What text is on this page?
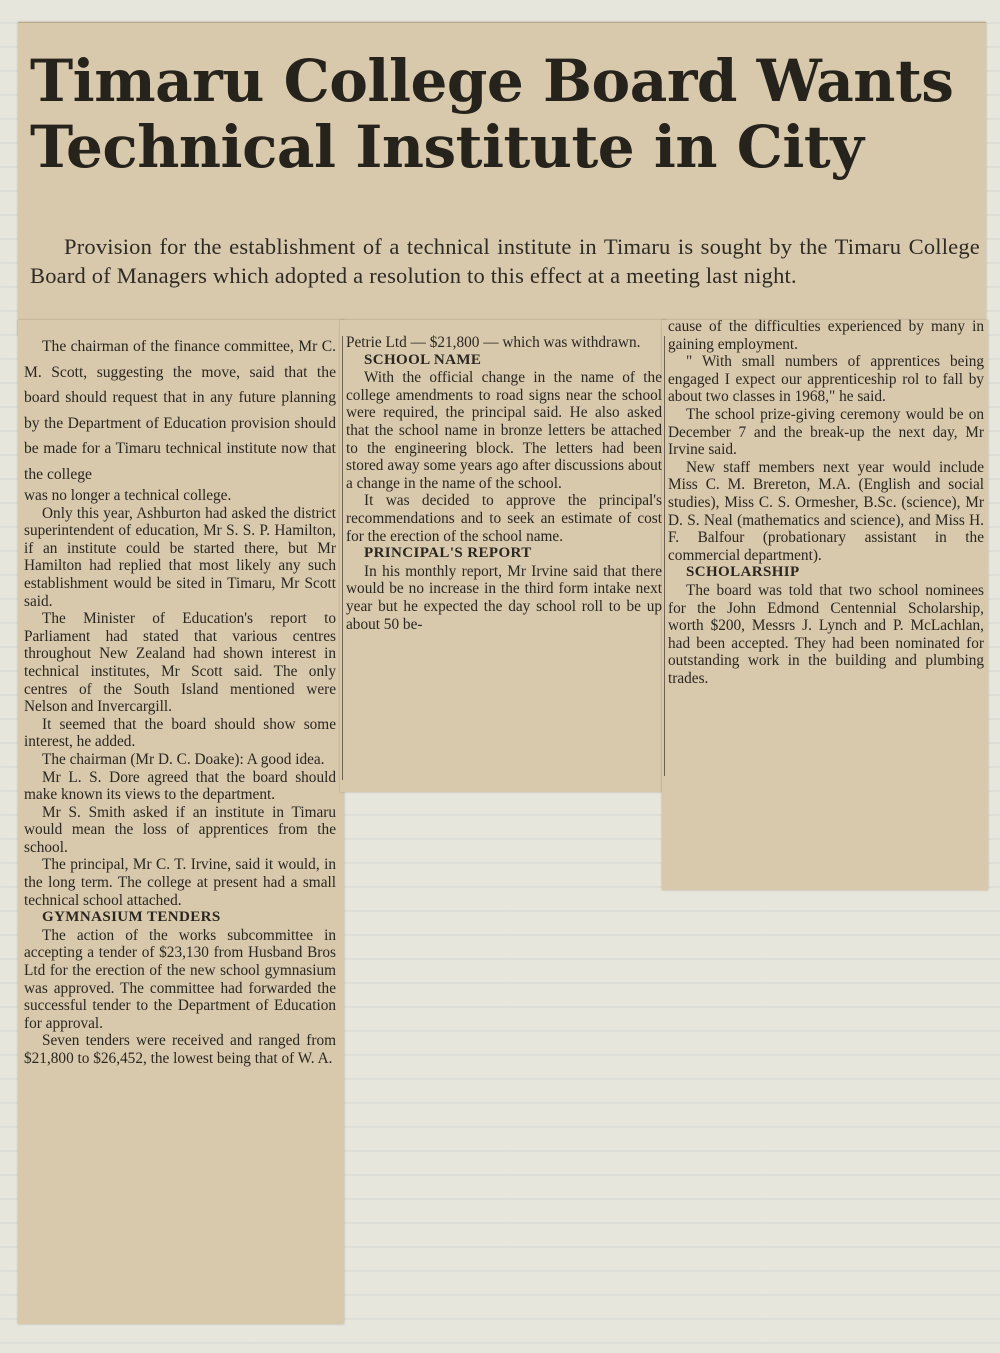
Timaru College Board Wants
Technical Institute in City
Provision for the establishment of a technical institute in Timaru is sought by the Timaru College Board of Managers which adopted a resolution to this effect at a meeting last night.

The chairman of the finance committee, Mr C. M. Scott, suggesting the move, said that the board should request that in any future planning by the Department of Education provision should be made for a Timaru technical institute now that the college

was no longer a technical college.

Only this year, Ashburton had asked the district superintendent of education, Mr S. S. P. Hamilton, if an institute could be started there, but Mr Hamilton had replied that most likely any such establishment would be sited in Timaru, Mr Scott said.

The Minister of Education's report to Parliament had stated that various centres throughout New Zealand had shown interest in technical institutes, Mr Scott said. The only centres of the South Island mentioned were Nelson and Invercargill.

It seemed that the board should show some interest, he added.

The chairman (Mr D. C. Doake): A good idea.

Mr L. S. Dore agreed that the board should make known its views to the department.

Mr S. Smith asked if an institute in Timaru would mean the loss of apprentices from the school.

The principal, Mr C. T. Irvine, said it would, in the long term. The college at present had a small technical school attached.

GYMNASIUM TENDERS

The action of the works subcommittee in accepting a tender of $23,130 from Husband Bros Ltd for the erection of the new school gymnasium was approved. The committee had forwarded the successful tender to the Department of Education for approval.

Seven tenders were received and ranged from $21,800 to $26,452, the lowest being that of W. A.

Petrie Ltd — $21,800 — which was withdrawn.

SCHOOL NAME

With the official change in the name of the college amendments to road signs near the school were required, the principal said. He also asked that the school name in bronze letters be attached to the engineering block. The letters had been stored away some years ago after discussions about a change in the name of the school.

It was decided to approve the principal's recommendations and to seek an estimate of cost for the erection of the school name.

PRINCIPAL'S REPORT

In his monthly report, Mr Irvine said that there would be no increase in the third form intake next year but he expected the day school roll to be up about 50 be-

cause of the difficulties experienced by many in gaining employment.

" With small numbers of apprentices being engaged I expect our apprenticeship rol to fall by about two classes in 1968," he said.

The school prize-giving ceremony would be on December 7 and the break-up the next day, Mr Irvine said.

New staff members next year would include Miss C. M. Brereton, M.A. (English and social studies), Miss C. S. Ormesher, B.Sc. (science), Mr D. S. Neal (mathematics and science), and Miss H. F. Balfour (probationary assistant in the commercial department).

SCHOLARSHIP

The board was told that two school nominees for the John Edmond Centennial Scholarship, worth $200, Messrs J. Lynch and P. McLachlan, had been accepted. They had been nominated for outstanding work in the building and plumbing trades.
